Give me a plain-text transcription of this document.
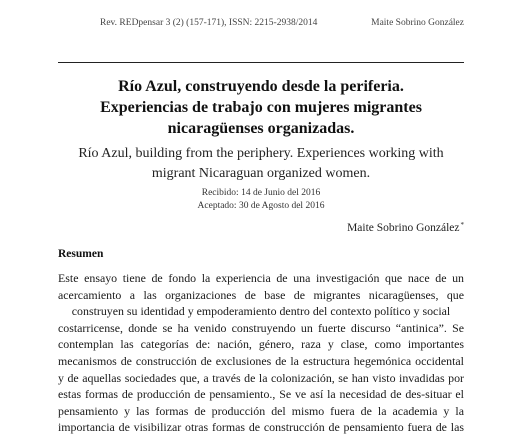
Rev. REDpensar 3 (2) (157-171), ISSN: 2215-2938/2014	Maite Sobrino González
Río Azul, construyendo desde la periferia.
Experiencias de trabajo con mujeres migrantes
nicaragüenses organizadas.
Río Azul, building from the periphery. Experiences working with
migrant Nicaraguan organized women.
Recibido: 14 de Junio del 2016
Aceptado: 30 de Agosto del 2016
Maite Sobrino González*
Resumen
Este ensayo tiene de fondo la experiencia de una investigación que nace de un
acercamiento a las organizaciones de base de migrantes nicaragüenses, que
construyen su identidad y empoderamiento dentro del contexto político y social
costarricense, donde se ha venido construyendo un fuerte discurso “antinica”. Se
contemplan las categorías de: nación, género, raza y clase, como importantes
mecanismos de construcción de exclusiones de la estructura hegemónica occidental
y de aquellas sociedades que, a través de la colonización, se han visto invadidas por
estas formas de producción de pensamiento., Se ve así la necesidad de des-situar el
pensamiento y las formas de producción del mismo fuera de la academia y la
importancia de visibilizar otras formas de construcción de pensamiento fuera de las
